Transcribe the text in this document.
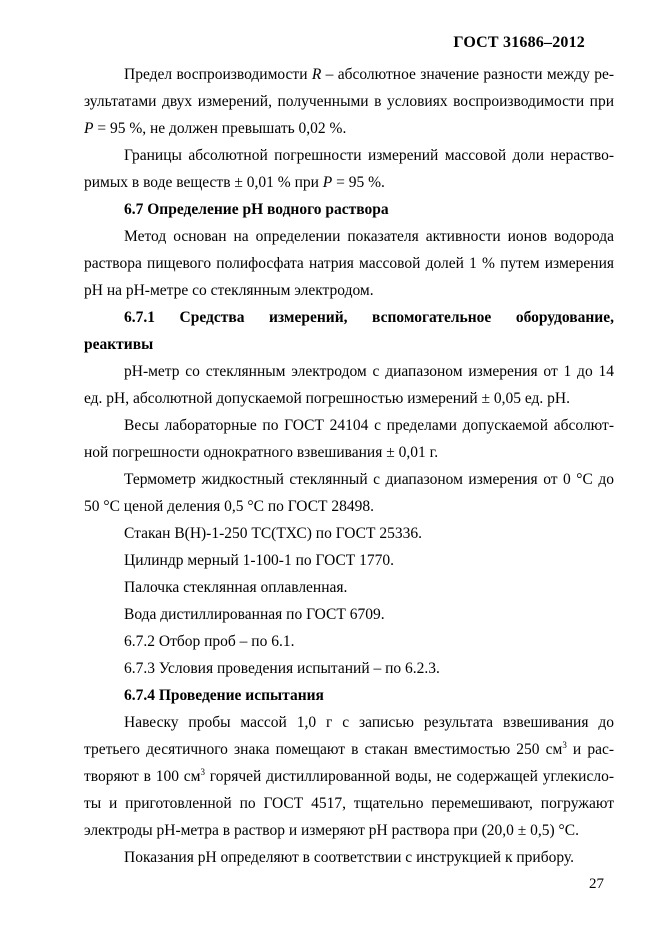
ГОСТ 31686–2012

Предел воспроизводимости R – абсолютное значение разности между ре- зультатами двух измерений, полученными в условиях воспроизводимости при P = 95 %, не должен превышать 0,02 %.

Границы абсолютной погрешности измерений массовой доли нераство-римых в воде веществ ± 0,01 % при P = 95 %.

6.7 Определение рН водного раствора

Метод основан на определении показателя активности ионов водорода раствора пищевого полифосфата натрия массовой долей 1 % путем измерения рН на рН-метре со стеклянным электродом.

6.7.1 Средства измерений, вспомогательное оборудование,

реактивы

рН-метр со стеклянным электродом с диапазоном измерения от 1 до 14 ед. рН, абсолютной допускаемой погрешностью измерений ± 0,05 ед. рН.

Весы лабораторные по ГОСТ 24104 с пределами допускаемой абсолют-ной погрешности однократного взвешивания ± 0,01 г.

Термометр жидкостный стеклянный с диапазоном измерения от 0 °С до 50 °С ценой деления 0,5 °С по ГОСТ 28498.

Стакан В(Н)-1-250 ТС(ТХС) по ГОСТ 25336.

Цилиндр мерный 1-100-1 по ГОСТ 1770.

Палочка стеклянная оплавленная.

Вода дистиллированная по ГОСТ 6709.

6.7.2 Отбор проб – по 6.1.

6.7.3 Условия проведения испытаний – по 6.2.3.

6.7.4 Проведение испытания

Навеску пробы массой 1,0 г с записью результата взвешивания до третьего десятичного знака помещают в стакан вместимостью 250 $см^3$ и рас-творяют в 100 $см^3$ горячей дистиллированной воды, не содержащей углекисло-ты и приготовленной по ГОСТ 4517, тщательно перемешивают, погружают электроды рН-метра в раствор и измеряют рН раствора при (20,0 ± 0,5) °С.

Показания рН определяют в соответствии с инструкцией к прибору.

27
